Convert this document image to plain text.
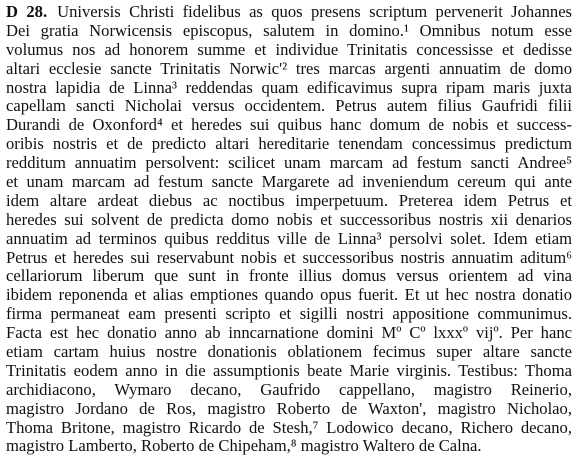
D 28. Universis Christi fidelibus as quos presens scriptum pervenerit Johannes
Dei gratia Norwicensis episcopus, salutem in domino.¹ Omnibus notum esse
volumus nos ad honorem summe et individue Trinitatis concessisse et dedisse
altari ecclesie sancte Trinitatis Norwic'² tres marcas argenti annuatim de domo
nostra lapidia de Linna³ reddendas quam edificavimus supra ripam maris juxta
capellam sancti Nicholai versus occidentem. Petrus autem filius Gaufridi filii
Durandi de Oxonford⁴ et heredes sui quibus hanc domum de nobis et success-
oribis nostris et de predicto altari hereditarie tenendam concessimus predictum
redditum annuatim persolvent: scilicet unam marcam ad festum sancti Andree⁵
et unam marcam ad festum sancte Margarete ad inveniendum cereum qui ante
idem altare ardeat diebus ac noctibus imperpetuum. Preterea idem Petrus et
heredes sui solvent de predicta domo nobis et successoribus nostris xii denarios
annuatim ad terminos quibus redditus ville de Linna³ persolvi solet. Idem etiam
Petrus et heredes sui reservabunt nobis et successoribus nostris annuatim aditum⁶
cellariorum liberum que sunt in fronte illius domus versus orientem ad vina
ibidem reponenda et alias emptiones quando opus fuerit. Et ut hec nostra donatio
firma permaneat eam presenti scripto et sigilli nostri appositione communimus.
Facta est hec donatio anno ab inncarnatione domini Mº Cº lxxxº vijº. Per hanc
etiam cartam huius nostre donationis oblationem fecimus super altare sancte
Trinitatis eodem anno in die assumptionis beate Marie virginis. Testibus: Thoma
archidiacono, Wymaro decano, Gaufrido cappellano, magistro Reinerio,
magistro Jordano de Ros, magistro Roberto de Waxton', magistro Nicholao,
Thoma Britone, magistro Ricardo de Stesh,⁷ Lodowico decano, Richero decano,
magistro Lamberto, Roberto de Chipeham,⁸ magistro Waltero de Calna.
